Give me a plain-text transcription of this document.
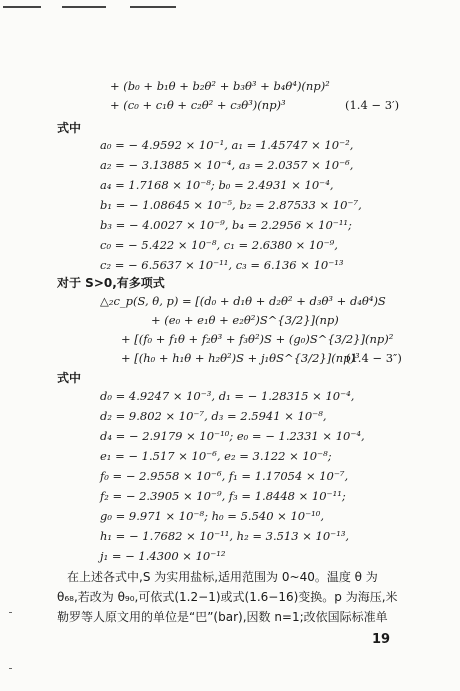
+ (b₀ + b₁θ + b₂θ² + b₃θ³ + b₄θ⁴)(np)²
+ (c₀ + c₁θ + c₂θ² + c₃θ³)(np)³	(1.4 − 3′)
式中
a₀ = − 4.9592 × 10⁻¹, a₁ = 1.45747 × 10⁻²,
a₂ = − 3.13885 × 10⁻⁴, a₃ = 2.0357 × 10⁻⁶,
a₄ = 1.7168 × 10⁻⁸; b₀ = 2.4931 × 10⁻⁴,
b₁ = − 1.08645 × 10⁻⁵, b₂ = 2.87533 × 10⁻⁷,
b₃ = − 4.0027 × 10⁻⁹, b₄ = 2.2956 × 10⁻¹¹;
c₀ = − 5.422 × 10⁻⁸, c₁ = 2.6380 × 10⁻⁹,
c₂ = − 6.5637 × 10⁻¹¹, c₃ = 6.136 × 10⁻¹³
对于 S>0,有多项式
△₂c_p(S, θ, p) = [(d₀ + d₁θ + d₂θ² + d₃θ³ + d₄θ⁴)S
+ (e₀ + e₁θ + e₂θ²)S^{3/2}](np)
+ [(f₀ + f₁θ + f₂θ³ + f₃θ²)S + (g₀)S^{3/2}](np)²
+ [(h₀ + h₁θ + h₂θ²)S + j₁θS^{3/2}](np)³
(1.4 − 3″)
式中
d₀ = 4.9247 × 10⁻³, d₁ = − 1.28315 × 10⁻⁴,
d₂ = 9.802 × 10⁻⁷, d₃ = 2.5941 × 10⁻⁸,
d₄ = − 2.9179 × 10⁻¹⁰; e₀ = − 1.2331 × 10⁻⁴,
e₁ = − 1.517 × 10⁻⁶, e₂ = 3.122 × 10⁻⁸;
f₀ = − 2.9558 × 10⁻⁶, f₁ = 1.17054 × 10⁻⁷,
f₂ = − 2.3905 × 10⁻⁹, f₃ = 1.8448 × 10⁻¹¹;
g₀ = 9.971 × 10⁻⁸; h₀ = 5.540 × 10⁻¹⁰,
h₁ = − 1.7682 × 10⁻¹¹, h₂ = 3.513 × 10⁻¹³,
j₁ = − 1.4300 × 10⁻¹²
在上述各式中,S 为实用盐标,适用范围为 0~40。温度 θ 为
θ₆₈,若改为 θ₉₀,可依式(1.2−1)或式(1.6−16)变换。p 为海压,米
勒罗等人原文用的单位是“巴”(bar),因数 n=1;改依国际标准单
19
